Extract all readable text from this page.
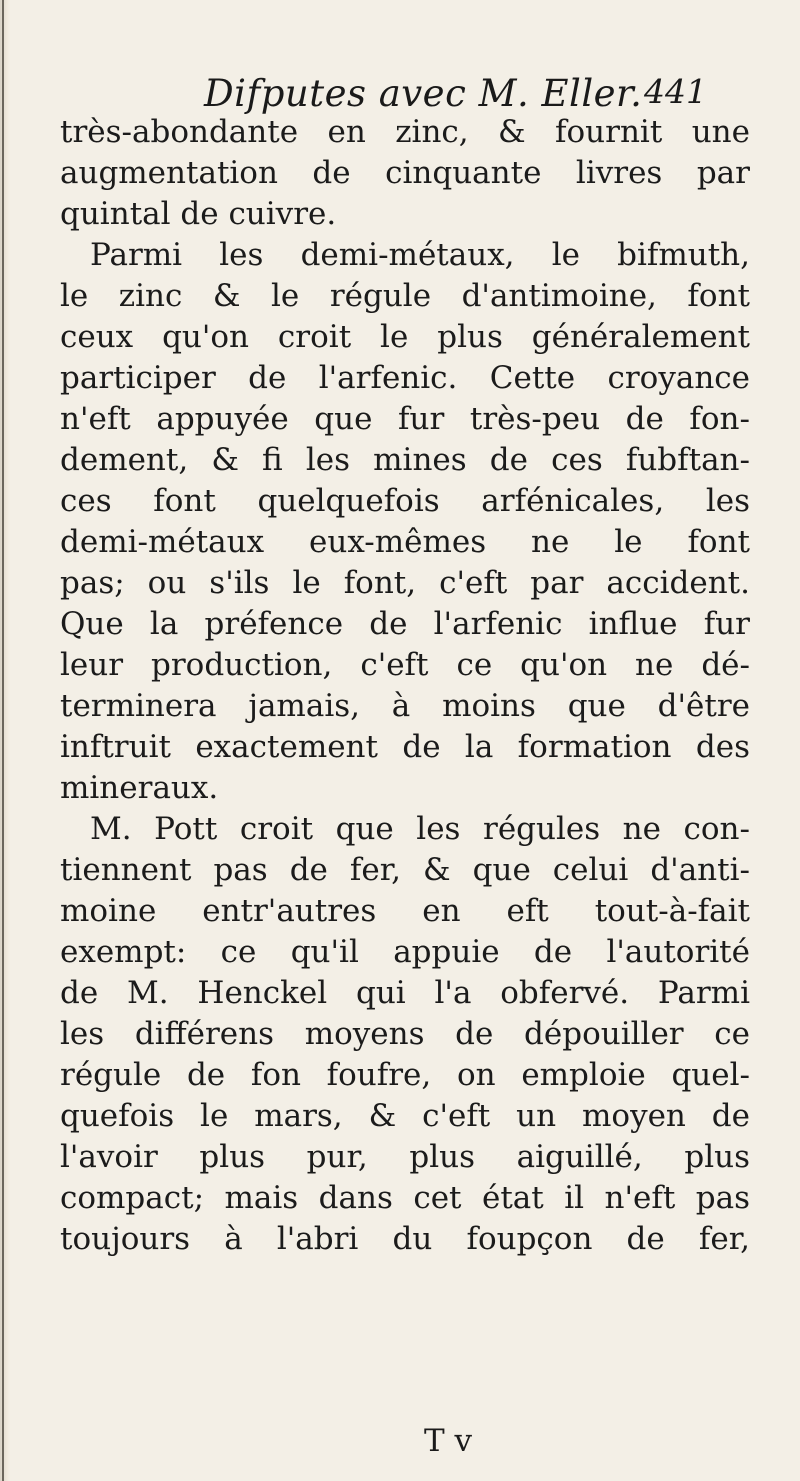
Difputes avec M. Eller. 441
très-abondante en zinc, & fournit une
augmentation de cinquante livres par
quintal de cuivre.
Parmi les demi-métaux, le bifmuth,
le zinc & le régule d'antimoine, font
ceux qu'on croit le plus généralement
participer de l'arfenic. Cette croyance
n'eft appuyée que fur très-peu de fon-
dement, & fi les mines de ces fubftan-
ces font quelquefois arfénicales, les
demi-métaux eux-mêmes ne le font
pas; ou s'ils le font, c'eft par accident.
Que la préfence de l'arfenic influe fur
leur production, c'eft ce qu'on ne dé-
terminera jamais, à moins que d'être
inftruit exactement de la formation des
mineraux.
M. Pott croit que les régules ne con-
tiennent pas de fer, & que celui d'anti-
moine entr'autres en eft tout-à-fait
exempt: ce qu'il appuie de l'autorité
de M. Henckel qui l'a obfervé. Parmi
les différens moyens de dépouiller ce
régule de fon foufre, on emploie quel-
quefois le mars, & c'eft un moyen de
l'avoir plus pur, plus aiguillé, plus
compact; mais dans cet état il n'eft pas
toujours à l'abri du foupçon de fer,
T v
